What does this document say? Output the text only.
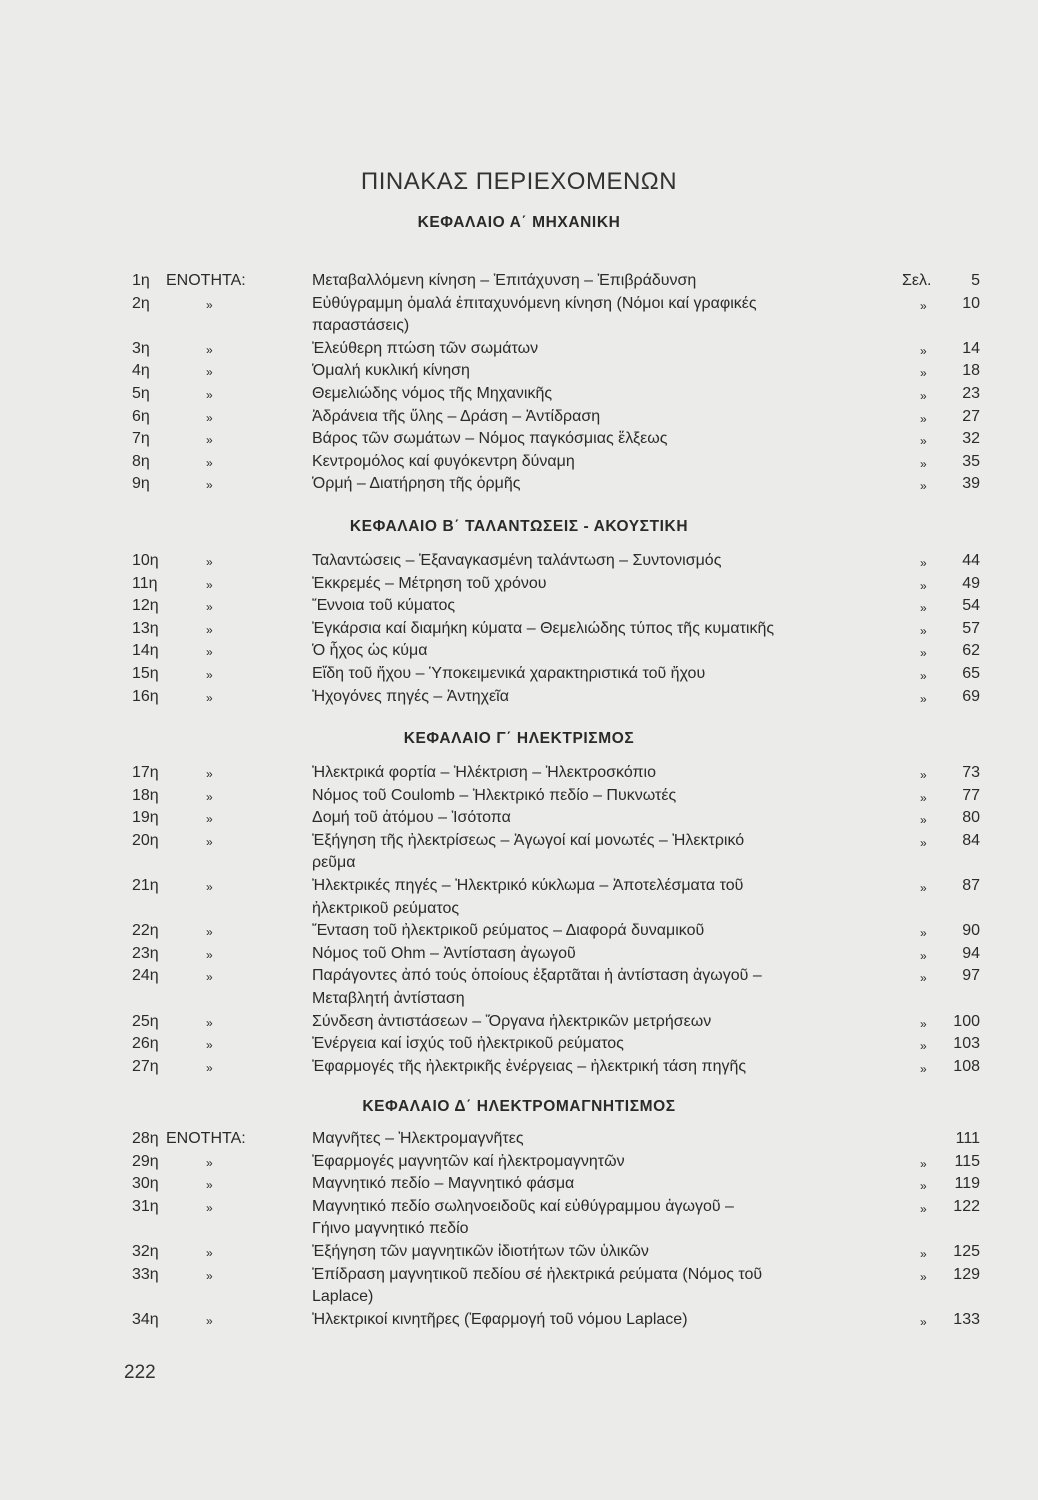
ΠΙΝΑΚΑΣ ΠΕΡΙΕΧΟΜΕΝΩΝ
ΚΕΦΑΛΑΙΟ Α΄ ΜΗΧΑΝΙΚΗ
1η ΕΝΟΤΗΤΑ:	Μεταβαλλόμενη κίνηση – Ἐπιτάχυνση – Ἐπιβράδυνση	Σελ.	5
2η	»	Εὐθύγραμμη ὁμαλά ἐπιταχυνόμενη κίνηση (Νόμοι καί γραφικές	»	10
παραστάσεις)
3η	»	Ἐλεύθερη πτώση τῶν σωμάτων	»	14
4η	»	Ὁμαλή κυκλική κίνηση	»	18
5η	»	Θεμελιώδης νόμος τῆς Μηχανικῆς	»	23
6η	»	Ἀδράνεια τῆς ὕλης – Δράση – Ἀντίδραση	»	27
7η	»	Βάρος τῶν σωμάτων – Νόμος παγκόσμιας ἕλξεως	»	32
8η	»	Κεντρομόλος καί φυγόκεντρη δύναμη	»	35
9η	»	Ὁρμή – Διατήρηση τῆς ὁρμῆς	»	39
ΚΕΦΑΛΑΙΟ Β΄ ΤΑΛΑΝΤΩΣΕΙΣ - ΑΚΟΥΣΤΙΚΗ
10η	»	Ταλαντώσεις – Ἐξαναγκασμένη ταλάντωση – Συντονισμός	»	44
11η	»	Ἐκκρεμές – Μέτρηση τοῦ χρόνου	»	49
12η	»	Ἔννοια τοῦ κύματος	»	54
13η	»	Ἐγκάρσια καί διαμήκη κύματα – Θεμελιώδης τύπος τῆς κυματικῆς	»	57
14η	»	Ὁ ἦχος ὡς κύμα	»	62
15η	»	Εἴδη τοῦ ἤχου – Ὑποκειμενικά χαρακτηριστικά τοῦ ἤχου	»	65
16η	»	Ἠχογόνες πηγές – Ἀντηχεῖα	»	69
ΚΕΦΑΛΑΙΟ Γ΄ ΗΛΕΚΤΡΙΣΜΟΣ
17η	»	Ἠλεκτρικά φορτία – Ἠλέκτριση – Ἠλεκτροσκόπιο	»	73
18η	»	Νόμος τοῦ Coulomb – Ἠλεκτρικό πεδίο – Πυκνωτές	»	77
19η	»	Δομή τοῦ ἀτόμου – Ἰσότοπα	»	80
20η	»	Ἐξήγηση τῆς ἠλεκτρίσεως – Ἀγωγοί καί μονωτές – Ἠλεκτρικό	»	84
ρεῦμα
21η	»	Ἠλεκτρικές πηγές – Ἠλεκτρικό κύκλωμα – Ἀποτελέσματα τοῦ	»	87
ἠλεκτρικοῦ ρεύματος
22η	»	Ἔνταση τοῦ ἠλεκτρικοῦ ρεύματος – Διαφορά δυναμικοῦ	»	90
23η	»	Νόμος τοῦ Ohm – Ἀντίσταση ἀγωγοῦ	»	94
24η	»	Παράγοντες ἀπό τούς ὁποίους ἐξαρτᾶται ἡ ἀντίσταση ἀγωγοῦ –	»	97
Μεταβλητή ἀντίσταση
25η	»	Σύνδεση ἀντιστάσεων – Ὄργανα ἠλεκτρικῶν μετρήσεων	»	100
26η	»	Ἐνέργεια καί ἰσχύς τοῦ ἠλεκτρικοῦ ρεύματος	»	103
27η	»	Ἐφαρμογές τῆς ἠλεκτρικῆς ἐνέργειας – ἠλεκτρική τάση πηγῆς	»	108
ΚΕΦΑΛΑΙΟ Δ΄ ΗΛΕΚΤΡΟΜΑΓΝΗΤΙΣΜΟΣ
28η ΕΝΟΤΗΤΑ:	Μαγνῆτες – Ἠλεκτρομαγνῆτες	111
29η	»	Ἐφαρμογές μαγνητῶν καί ἠλεκτρομαγνητῶν	»	115
30η	»	Μαγνητικό πεδίο – Μαγνητικό φάσμα	»	119
31η	»	Μαγνητικό πεδίο σωληνοειδοῦς καί εὐθύγραμμου ἀγωγοῦ –	»	122
Γήινο μαγνητικό πεδίο
32η	»	Ἐξήγηση τῶν μαγνητικῶν ἰδιοτήτων τῶν ὑλικῶν	»	125
33η	»	Ἐπίδραση μαγνητικοῦ πεδίου σέ ἠλεκτρικά ρεύματα (Νόμος τοῦ	»	129
Laplace)
34η	»	Ἠλεκτρικοί κινητῆρες (Ἐφαρμογή τοῦ νόμου Laplace)	»	133
222
